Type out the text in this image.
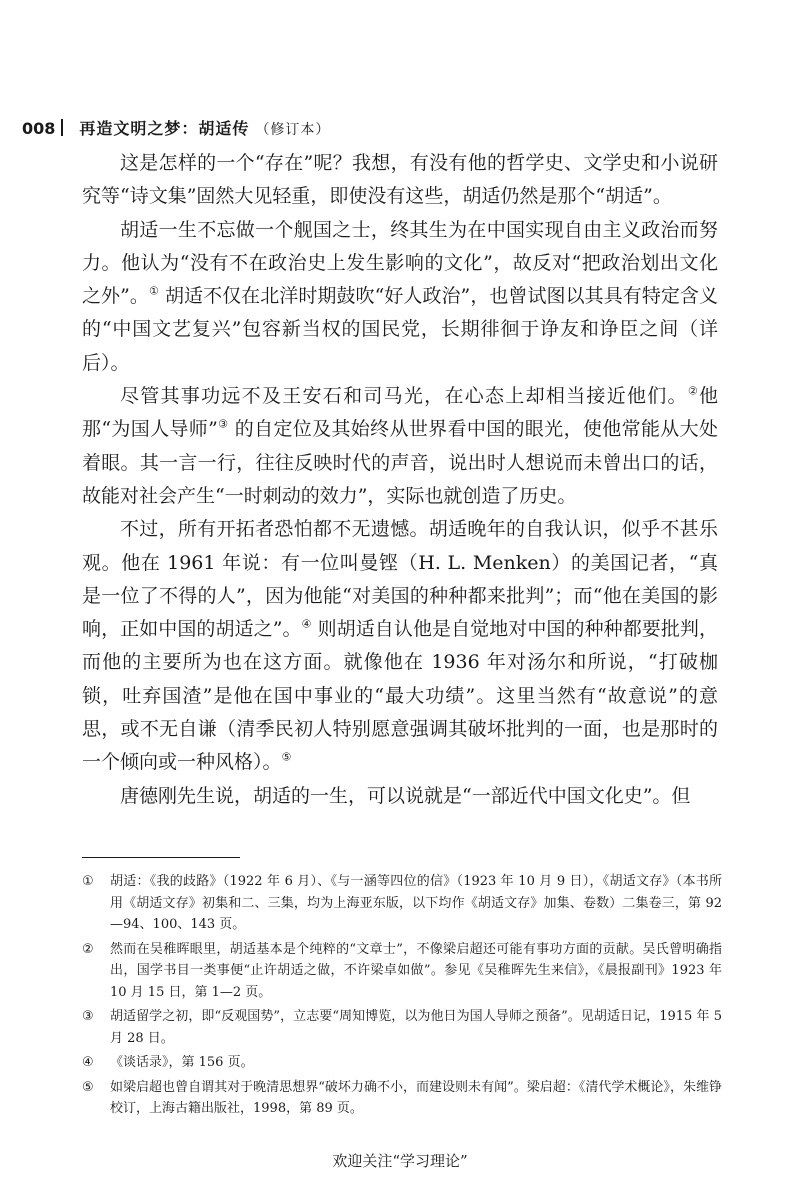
008 再造文明之梦：胡适传 （修订本）

这是怎样的一个“存在”呢？我想，有没有他的哲学史、文学史和小说研究等“诗文集”固然大见轻重，即使没有这些，胡适仍然是那个“胡适”。

胡适一生不忘做一个舰国之士，终其生为在中国实现自由主义政治而努力。他认为“没有不在政治史上发生影响的文化”，故反对“把政治划出文化之外”。① 胡适不仅在北洋时期鼓吹“好人政治”，也曾试图以其具有特定含义的“中国文艺复兴”包容新当权的国民党，长期徘徊于诤友和诤臣之间（详后）。

尽管其事功远不及王安石和司马光，在心态上却相当接近他们。②他那“为国人导师”③ 的自定位及其始终从世界看中国的眼光，使他常能从大处着眼。其一言一行，往往反映时代的声音，说出时人想说而未曾出口的话，故能对社会产生“一时刺动的效力”，实际也就创造了历史。

不过，所有开拓者恐怕都不无遗憾。胡适晚年的自我认识，似乎不甚乐观。他在 1961 年说：有一位叫曼铿（H. L. Menken）的美国记者，“真是一位了不得的人”，因为他能“对美国的种种都来批判”；而“他在美国的影响，正如中国的胡适之”。④ 则胡适自认他是自觉地对中国的种种都要批判，而他的主要所为也在这方面。就像他在 1936 年对汤尔和所说，“打破枷锁，吐弃国渣”是他在国中事业的“最大功绩”。这里当然有“故意说”的意思，或不无自谦（清季民初人特别愿意强调其破坏批判的一面，也是那时的一个倾向或一种风格）。⑤

唐德刚先生说，胡适的一生，可以说就是“一部近代中国文化史”。但

①	胡适：《我的歧路》（1922 年 6 月）、《与一涵等四位的信》（1923 年 10 月 9 日），《胡适文存》（本书所用《胡适文存》初集和二、三集，均为上海亚东版，以下均作《胡适文存》加集、卷数）二集卷三，第 92—94、100、143 页。
②	然而在吴稚晖眼里，胡适基本是个纯粹的“文章士”，不像梁启超还可能有事功方面的贡献。吴氏曾明确指出，国学书目一类事便“止许胡适之做，不许梁卓如做”。参见《吴稚晖先生来信》，《晨报副刊》1923 年 10 月 15 日，第 1—2 页。
③	胡适留学之初，即“反观国势”，立志要“周知博览，以为他日为国人导师之预备”。见胡适日记，1915 年 5 月 28 日。
④	《谈话录》，第 156 页。
⑤	如梁启超也曾自谓其对于晚清思想界“破坏力确不小，而建设则未有闻”。梁启超：《清代学术概论》，朱维铮校订，上海古籍出版社，1998，第 89 页。
欢迎关注“学习理论”
